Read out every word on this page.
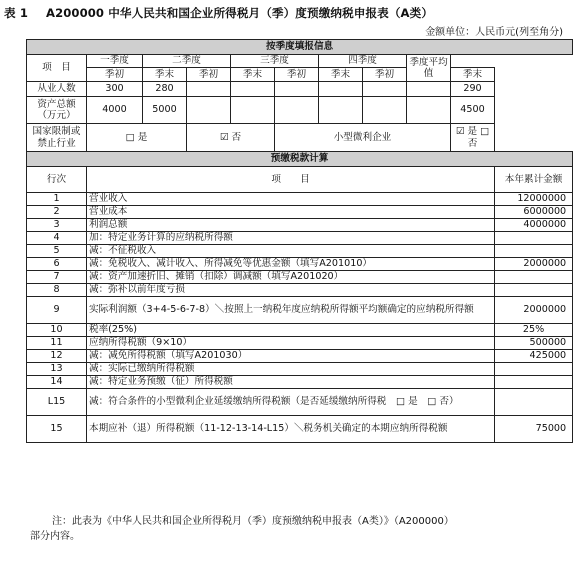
表 1 A200000 中华人民共和国企业所得税月（季）度预缴纳税申报表（A类）
金额单位：人民币元(列至角分)
按季度填报信息										
项　目	一季度	二季度		三季度		四季度		季度平均值		
	季初	季末	季初	季末	季初	季末	季初		季末	
从业人数	300	280							290	
资产总额（万元）	4000	5000							4500	
国家限制或禁止行业	□ 是		☑ 否		小型微利企业				☑ 是 □ 否	
预缴税款计算										
行次	项　　目									本年累计金额
1	营业收入									12000000
2	营业成本									6000000
3	利润总额									4000000
4	加：特定业务计算的应纳税所得额									
5	减：不征税收入									
6	减：免税收入、减计收入、所得减免等优惠金额（填写A201010）									2000000
7	减：资产加速折旧、摊销（扣除）调减额（填写A201020）									
8	减：弥补以前年度亏损									
9	实际利润额（3+4-5-6-7-8）＼按照上一纳税年度应纳税所得额平均额确定的应纳税所得额									2000000
10	税率(25%)									25%
11	应纳所得税额（9×10）									500000
12	减：减免所得税额（填写A201030）									425000
13	减：实际已缴纳所得税额									
14	减：特定业务预缴（征）所得税额									
L15	减：符合条件的小型微利企业延缓缴纳所得税额（是否延缓缴纳所得税　□ 是　□ 否）									
15	本期应补（退）所得税额（11-12-13-14-L15）＼税务机关确定的本期应纳所得税额									75000
注：此表为《中华人民共和国企业所得税月（季）度预缴纳税申报表（A类）》（A200000）
部分内容。
